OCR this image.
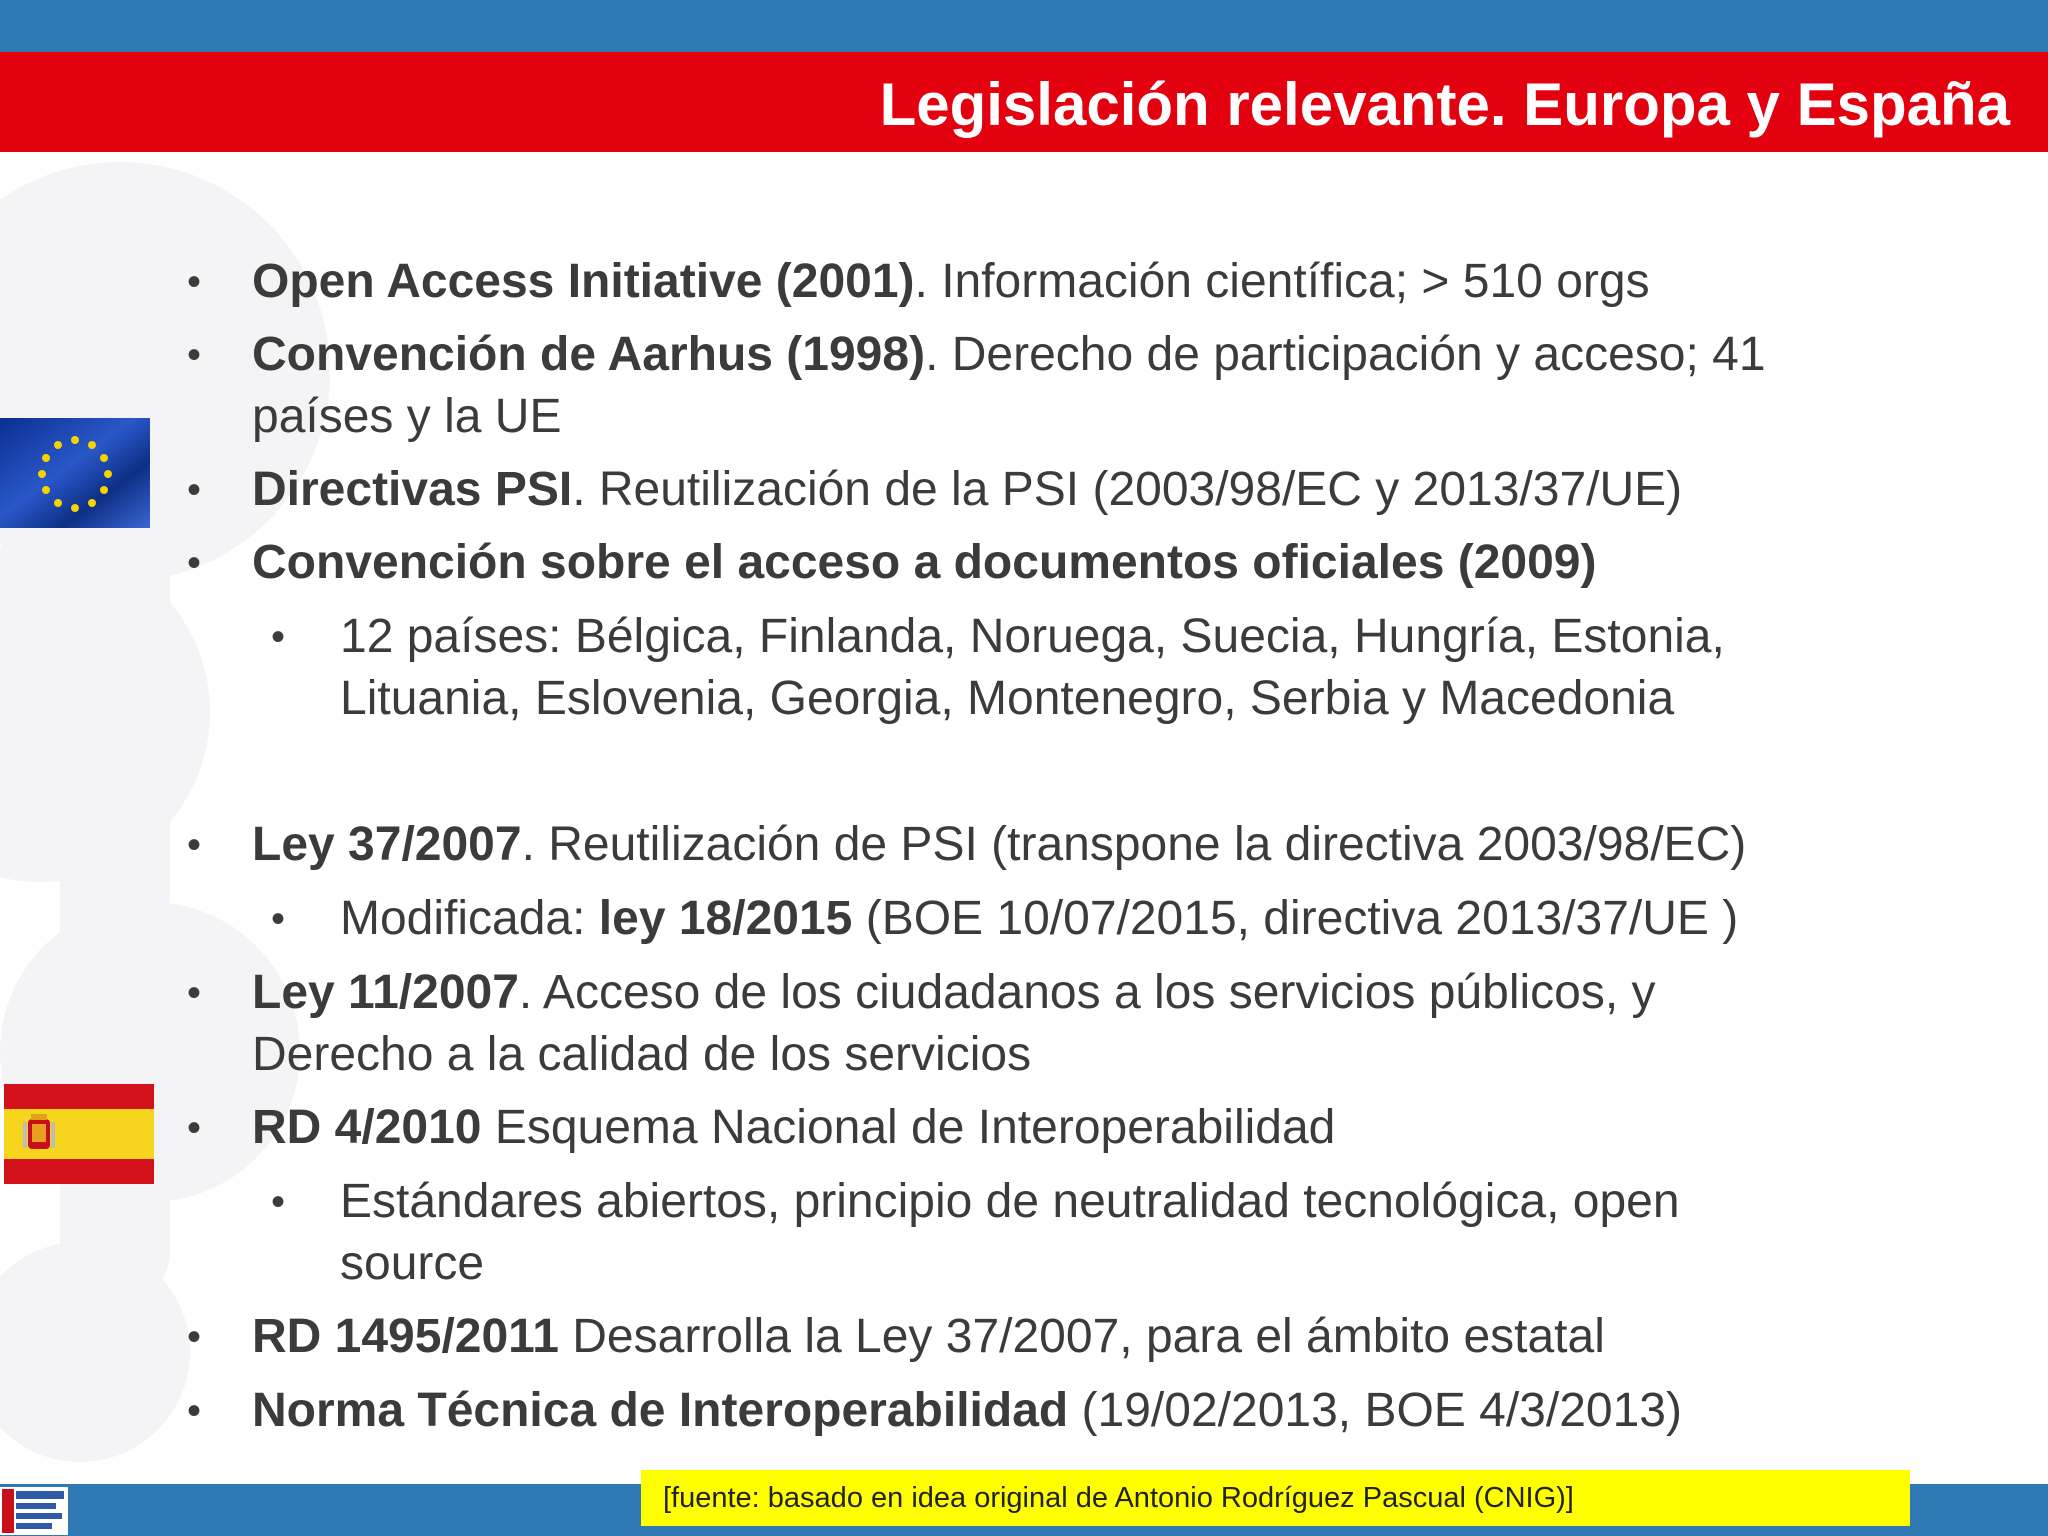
Legislación relevante. Europa y España
• Open Access Initiative (2001). Información científica; > 510 orgs
• Convención de Aarhus (1998). Derecho de participación y acceso; 41
países y la UE
• Directivas PSI. Reutilización de la PSI (2003/98/EC y 2013/37/UE)
• Convención sobre el acceso a documentos oficiales (2009)
• 12 países: Bélgica, Finlanda, Noruega, Suecia, Hungría, Estonia,
Lituania, Eslovenia, Georgia, Montenegro, Serbia y Macedonia
• Ley 37/2007. Reutilización de PSI (transpone la directiva 2003/98/EC)
• Modificada: ley 18/2015 (BOE 10/07/2015, directiva 2013/37/UE )
• Ley 11/2007. Acceso de los ciudadanos a los servicios públicos, y
Derecho a la calidad de los servicios
• RD 4/2010 Esquema Nacional de Interoperabilidad
• Estándares abiertos, principio de neutralidad tecnológica, open
source
• RD 1495/2011 Desarrolla la Ley 37/2007, para el ámbito estatal
• Norma Técnica de Interoperabilidad (19/02/2013, BOE 4/3/2013)
[fuente: basado en idea original de Antonio Rodríguez Pascual (CNIG)]
